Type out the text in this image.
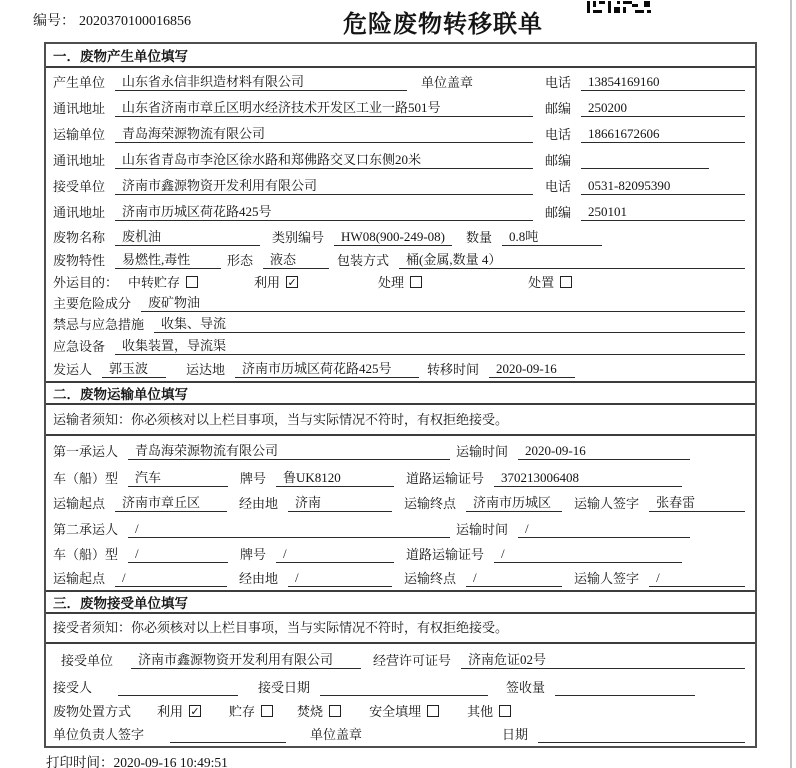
编号： 2020370100016856	危险废物转移联单
一．废物产生单位填写
产生单位	山东省永信非织造材料有限公司	单位盖章	电话	13854169160
通讯地址	山东省济南市章丘区明水经济技术开发区工业一路501号	邮编	250200
运输单位	青岛海荣源物流有限公司	电话	18661672606
通讯地址	山东省青岛市李沧区徐水路和郑佛路交叉口东侧20米	邮编
接受单位	济南市鑫源物资开发利用有限公司	电话	0531-82095390
通讯地址	济南市历城区荷花路425号	邮编	250101
废物名称	废机油	类别编号	HW08(900-249-08)	数量	0.8吨
废物特性	易燃性,毒性	形态	液态	包装方式	桶(金属,数量 4）
外运目的： 中转贮存	利用 ✓	处理	处置
主要危险成分	废矿物油
禁忌与应急措施	收集、导流
应急设备	收集装置，导流渠
发运人	郭玉波	运达地	济南市历城区荷花路425号	转移时间	2020-09-16
二．废物运输单位填写
运输者须知：你必须核对以上栏目事项，当与实际情况不符时，有权拒绝接受。
第一承运人	青岛海荣源物流有限公司	运输时间	2020-09-16
车（船）型	汽车	牌号	鲁UK8120	道路运输证号	370213006408
运输起点	济南市章丘区	经由地	济南	运输终点	济南市历城区	运输人签字	张春雷
第二承运人	/	运输时间	/
车（船）型	/	牌号	/	道路运输证号	/
运输起点	/	经由地	/	运输终点	/	运输人签字	/
三．废物接受单位填写
接受者须知：你必须核对以上栏目事项，当与实际情况不符时，有权拒绝接受。
接受单位	济南市鑫源物资开发利用有限公司	经营许可证号	济南危证02号
接受人	接受日期	签收量
废物处置方式 利用 ✓ 贮存	焚烧	安全填埋	其他
单位负责人签字	单位盖章	日期
打印时间：2020-09-16 10:49:51
